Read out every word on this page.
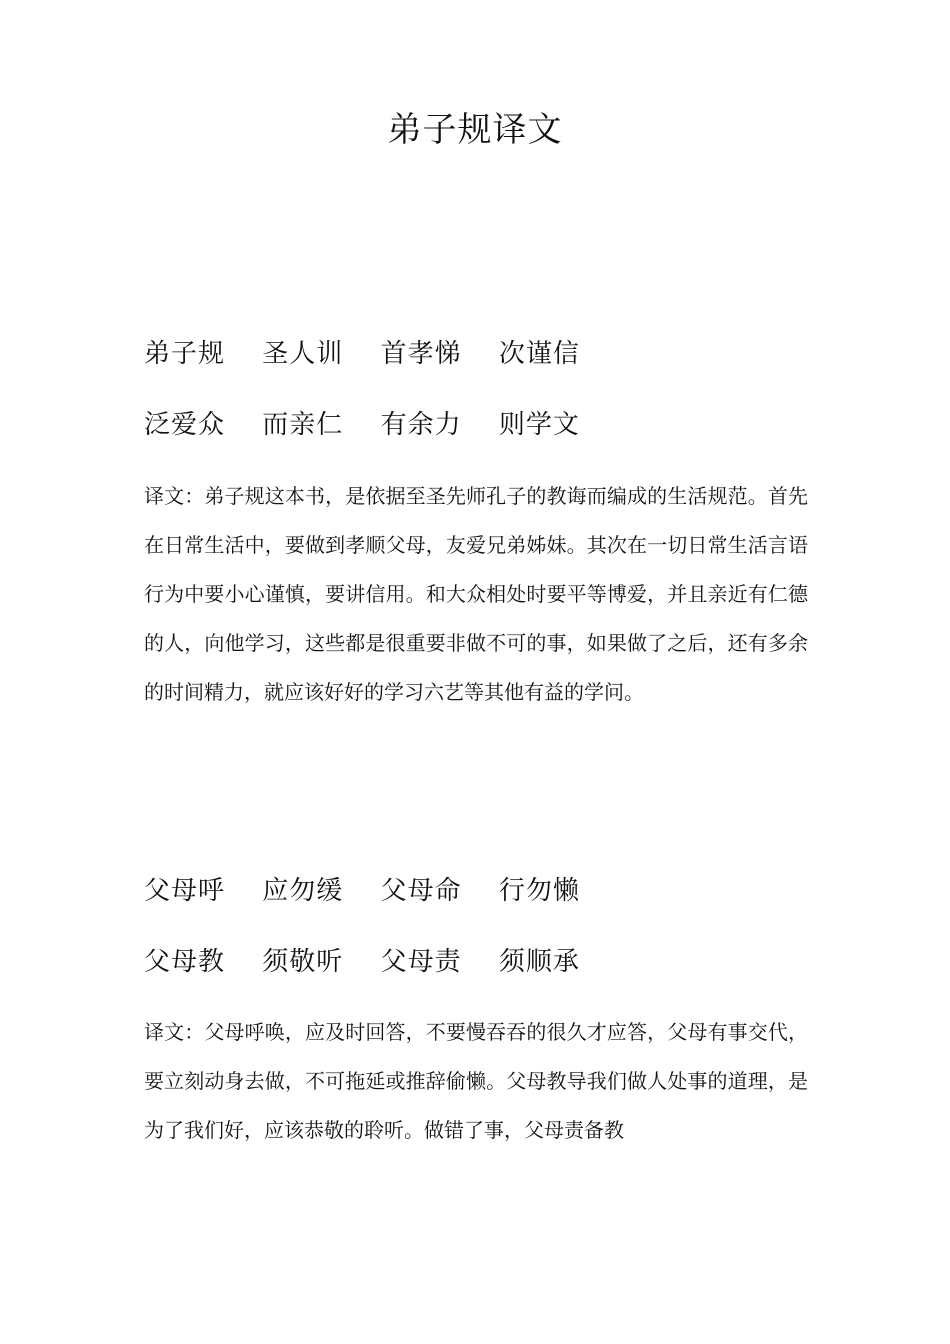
弟子规译文
弟子规 圣人训 首孝悌 次谨信
泛爱众 而亲仁 有余力 则学文
译文：弟子规这本书，是依据至圣先师孔子的教诲而编成的生活规范。首先在日常生活中，要做到孝顺父母，友爱兄弟姊妹。其次在一切日常生活言语行为中要小心谨慎，要讲信用。和大众相处时要平等博爱，并且亲近有仁德的人，向他学习，这些都是很重要非做不可的事，如果做了之后，还有多余的时间精力，就应该好好的学习六艺等其他有益的学问。
父母呼 应勿缓 父母命 行勿懒
父母教 须敬听 父母责 须顺承
译文：父母呼唤，应及时回答，不要慢吞吞的很久才应答，父母有事交代，要立刻动身去做，不可拖延或推辞偷懒。父母教导我们做人处事的道理，是为了我们好，应该恭敬的聆听。做错了事，父母责备教
